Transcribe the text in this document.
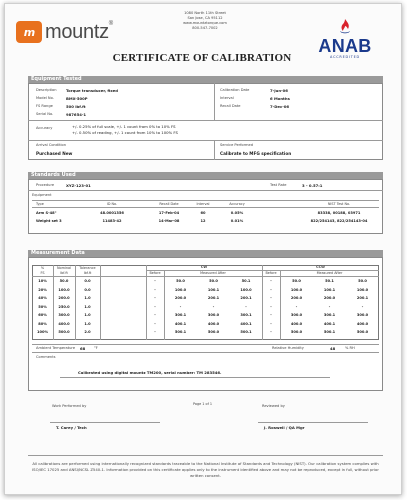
m mountz®
1080 North 11th Street
San Jose, CA 95112
www.mountztorque.com
800-547-7002
CERTIFICATE OF CALIBRATION
ANAB
ACCREDITED
Equipment Tested
Description	Torque transducer, fixed
Model No.	BMX-500P
FS Range	500 lbf.ft
Serial No.	987654-1
Calibration Date	7-Jun-06
Interval	6 Months
Recall Date	7-Dec-06
Accuracy	+/- 0.25% of full scale, +/- 1 count from 0% to 10% FS
+/- 0.50% of reading, +/- 1 count from 10% to 100% FS
Arrival Condition
Purchased New
Service Performed
Calibrate to MFG specification
Standards Used
Procedure	XYZ-123-01	Test Rate	3 - 0.57:1
Equipment
Type	ID No.	Recall Date	Interval	Accuracy	NIST Test No.
Arm S-48"	48.0001356	17-Feb-04	60	0.05%	83338, 00188, 03971
Weight set 3	11483-42	14-Mar-08	12	0.01%	822/254143, 822/254143-04
Measurement Data
%
FS
Nominal
lbf.ft
Tolerance
lbf.ft
CW	CCW
Before	Measured After	Before	Measured After
10%	50.0	0.0	-	50.0	50.0	50.1	-	50.0	50.1	50.0
20%	100.0	0.0	-	100.0	100.1	100.0	-	100.0	100.1	100.0
40%	200.0	1.0	-	200.0	200.1	200.1	-	200.0	200.0	200.1
50%	250.0	1.0	-	-	-	-	-	-	-	-
60%	300.0	1.0	-	300.1	300.0	300.1	-	300.0	300.1	300.0
80%	400.0	1.0	-	400.1	400.0	400.1	-	400.0	400.1	400.0
100%	500.0	2.0	-	500.1	500.0	500.1	-	500.0	500.1	500.0
Ambient Temperature 68 °F	Relative Humidity	48	% RH
Comments
Calibrated using digital mountz TM200, serial number: TM 283546.
Work Performed by
T. Carey / Tech
Reviewed by
J. Roswell / QA Mgr
Page 1 of 1
All calibrations are performed using internationally recognized standards traceable to the National Institute of Standards and Technology (NIST). Our calibration system complies with ISO/IEC 17025 and ANSI/NCSL Z540-1. Information provided on this certificate applies only to the instrument identified above and may not be reproduced, except in full, without prior written consent.
